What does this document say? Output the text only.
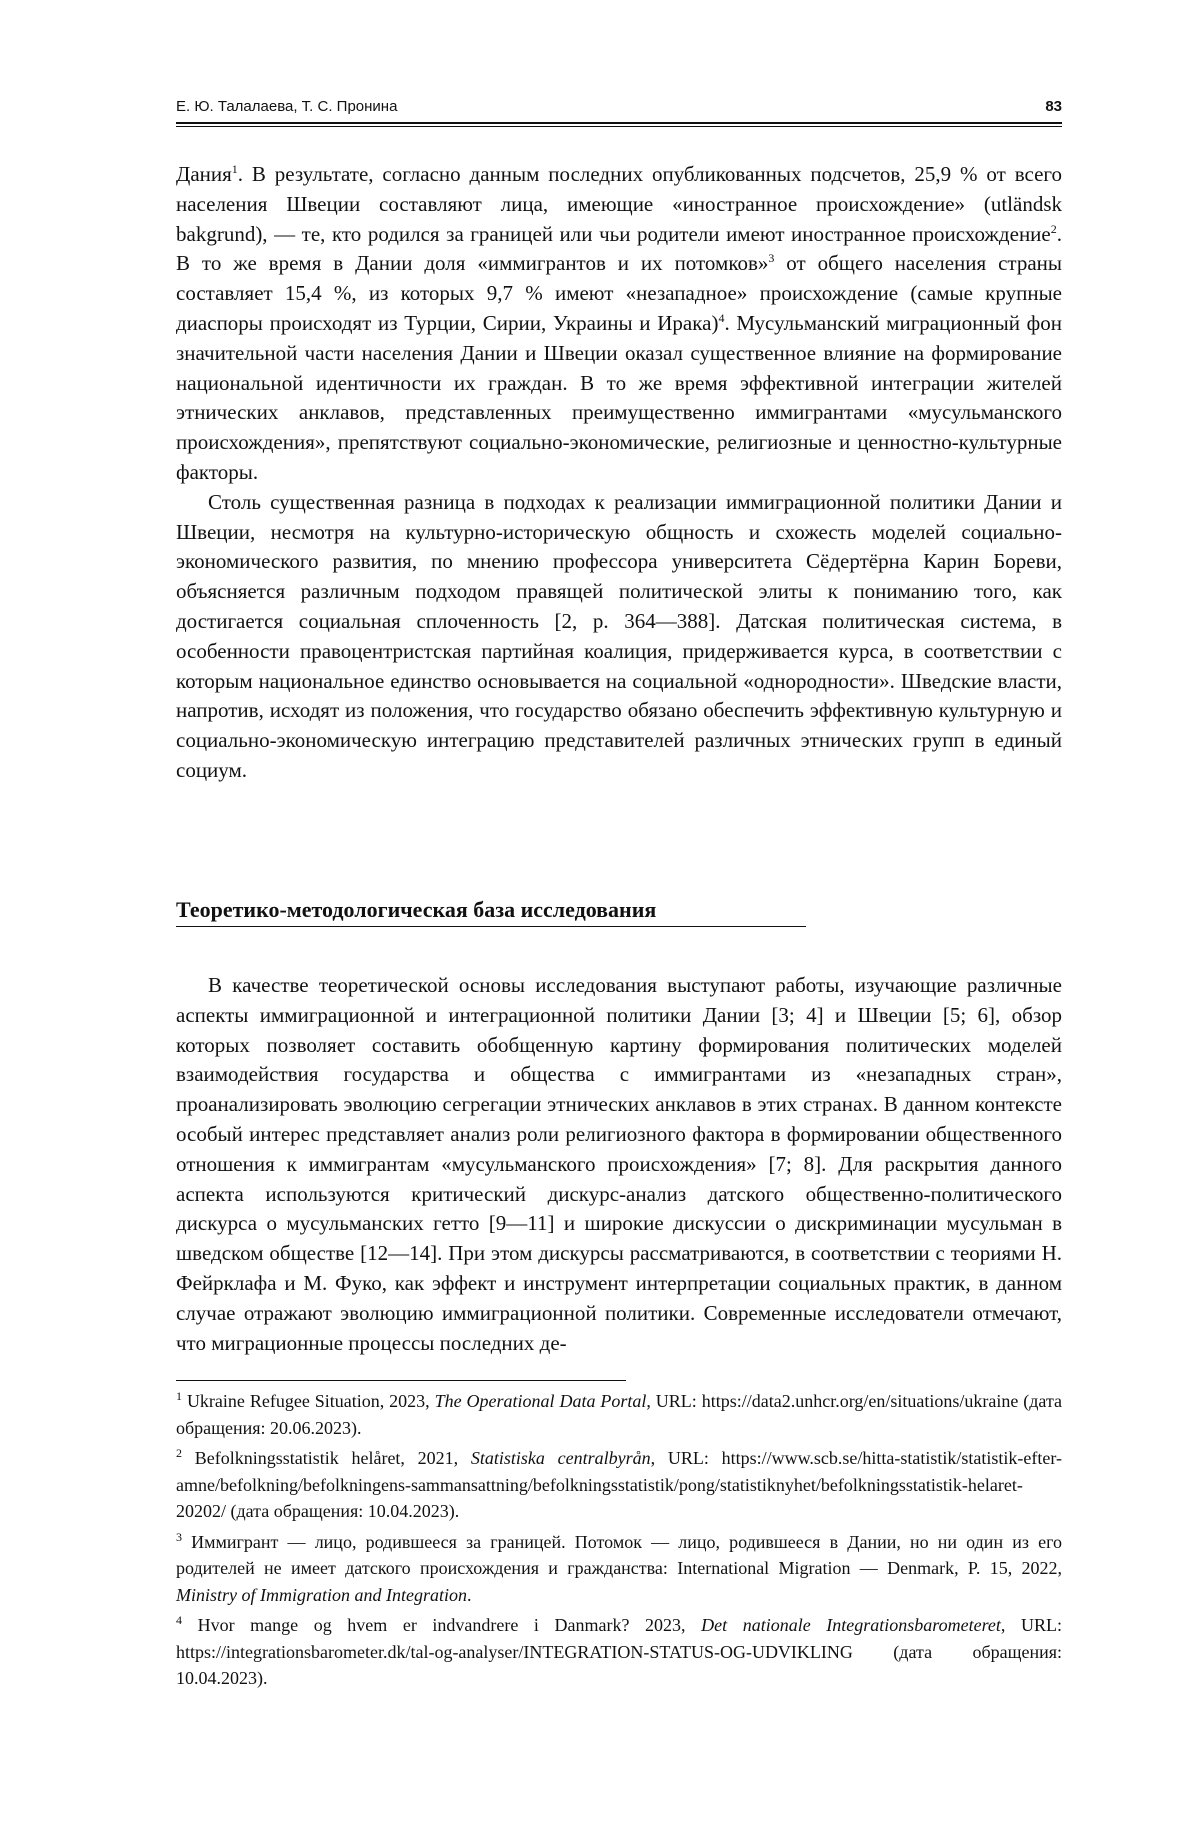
Е. Ю. Талалаева, Т. С. Пронина	83

Дания$^1$. В результате, согласно данным последних опубликованных подсчетов, 25,9 % от всего населения Швеции составляют лица, имеющие «иностранное происхождение» (utländsk bakgrund), — те, кто родился за границей или чьи родители имеют иностранное происхождение$^2$. В то же время в Дании доля «иммигрантов и их потомков»$^3$ от общего населения страны составляет 15,4 %, из которых 9,7 % имеют «незападное» происхождение (самые крупные диаспоры происходят из Турции, Сирии, Украины и Ирака)$^4$. Мусульманский миграционный фон значительной части населения Дании и Швеции оказал существенное влияние на формирование национальной идентичности их граждан. В то же время эффективной интеграции жителей этнических анклавов, представленных преимущественно иммигрантами «мусульманского происхождения», препятствуют социально-экономические, религиозные и ценностно-культурные факторы.

Столь существенная разница в подходах к реализации иммиграционной политики Дании и Швеции, несмотря на культурно-историческую общность и схожесть моделей социально-экономического развития, по мнению профессора университета Сёдертёрна Карин Бореви, объясняется различным подходом правящей политической элиты к пониманию того, как достигается социальная сплоченность [2, p. 364—388]. Датская политическая система, в особенности правоцентристская партийная коалиция, придерживается курса, в соответствии с которым национальное единство основывается на социальной «однородности». Шведские власти, напротив, исходят из положения, что государство обязано обеспечить эффективную культурную и социально-экономическую интеграцию представителей различных этнических групп в единый социум.

Теоретико-методологическая база исследования

В качестве теоретической основы исследования выступают работы, изучающие различные аспекты иммиграционной и интеграционной политики Дании [3; 4] и Швеции [5; 6], обзор которых позволяет составить обобщенную картину формирования политических моделей взаимодействия государства и общества с иммигрантами из «незападных стран», проанализировать эволюцию сегрегации этнических анклавов в этих странах. В данном контексте особый интерес представляет анализ роли религиозного фактора в формировании общественного отношения к иммигрантам «мусульманского происхождения» [7; 8]. Для раскрытия данного аспекта используются критический дискурс-анализ датского общественно-политического дискурса о мусульманских гетто [9—11] и широкие дискуссии о дискриминации мусульман в шведском обществе [12—14]. При этом дискурсы рассматриваются, в соответствии с теориями Н. Фейрклафа и М. Фуко, как эффект и инструмент интерпретации социальных практик, в данном случае отражают эволюцию иммиграционной политики. Современные исследователи отмечают, что миграционные процессы последних де-

$^1$ Ukraine Refugee Situation, 2023, The Operational Data Portal, URL: https://data2.unhcr.org/en/situations/ukraine (дата обращения: 20.06.2023).

$^2$ Befolkningsstatistik helåret, 2021, Statistiska centralbyrån, URL: https://www.scb.se/hitta-statistik/statistik-efter-amne/befolkning/befolkningens-sammansattning/befolkningsstatistik/pong/statistiknyhet/befolkningsstatistik-helaret-20202/ (дата обращения: 10.04.2023).

$^3$ Иммигрант — лицо, родившееся за границей. Потомок — лицо, родившееся в Дании, но ни один из его родителей не имеет датского происхождения и гражданства: International Migration — Denmark, P. 15, 2022, Ministry of Immigration and Integration.

$^4$ Hvor mange og hvem er indvandrere i Danmark? 2023, Det nationale Integrationsbarometeret, URL: https://integrationsbarometer.dk/tal-og-analyser/INTEGRATION-STATUS-OG-UDVIKLING (дата обращения: 10.04.2023).
